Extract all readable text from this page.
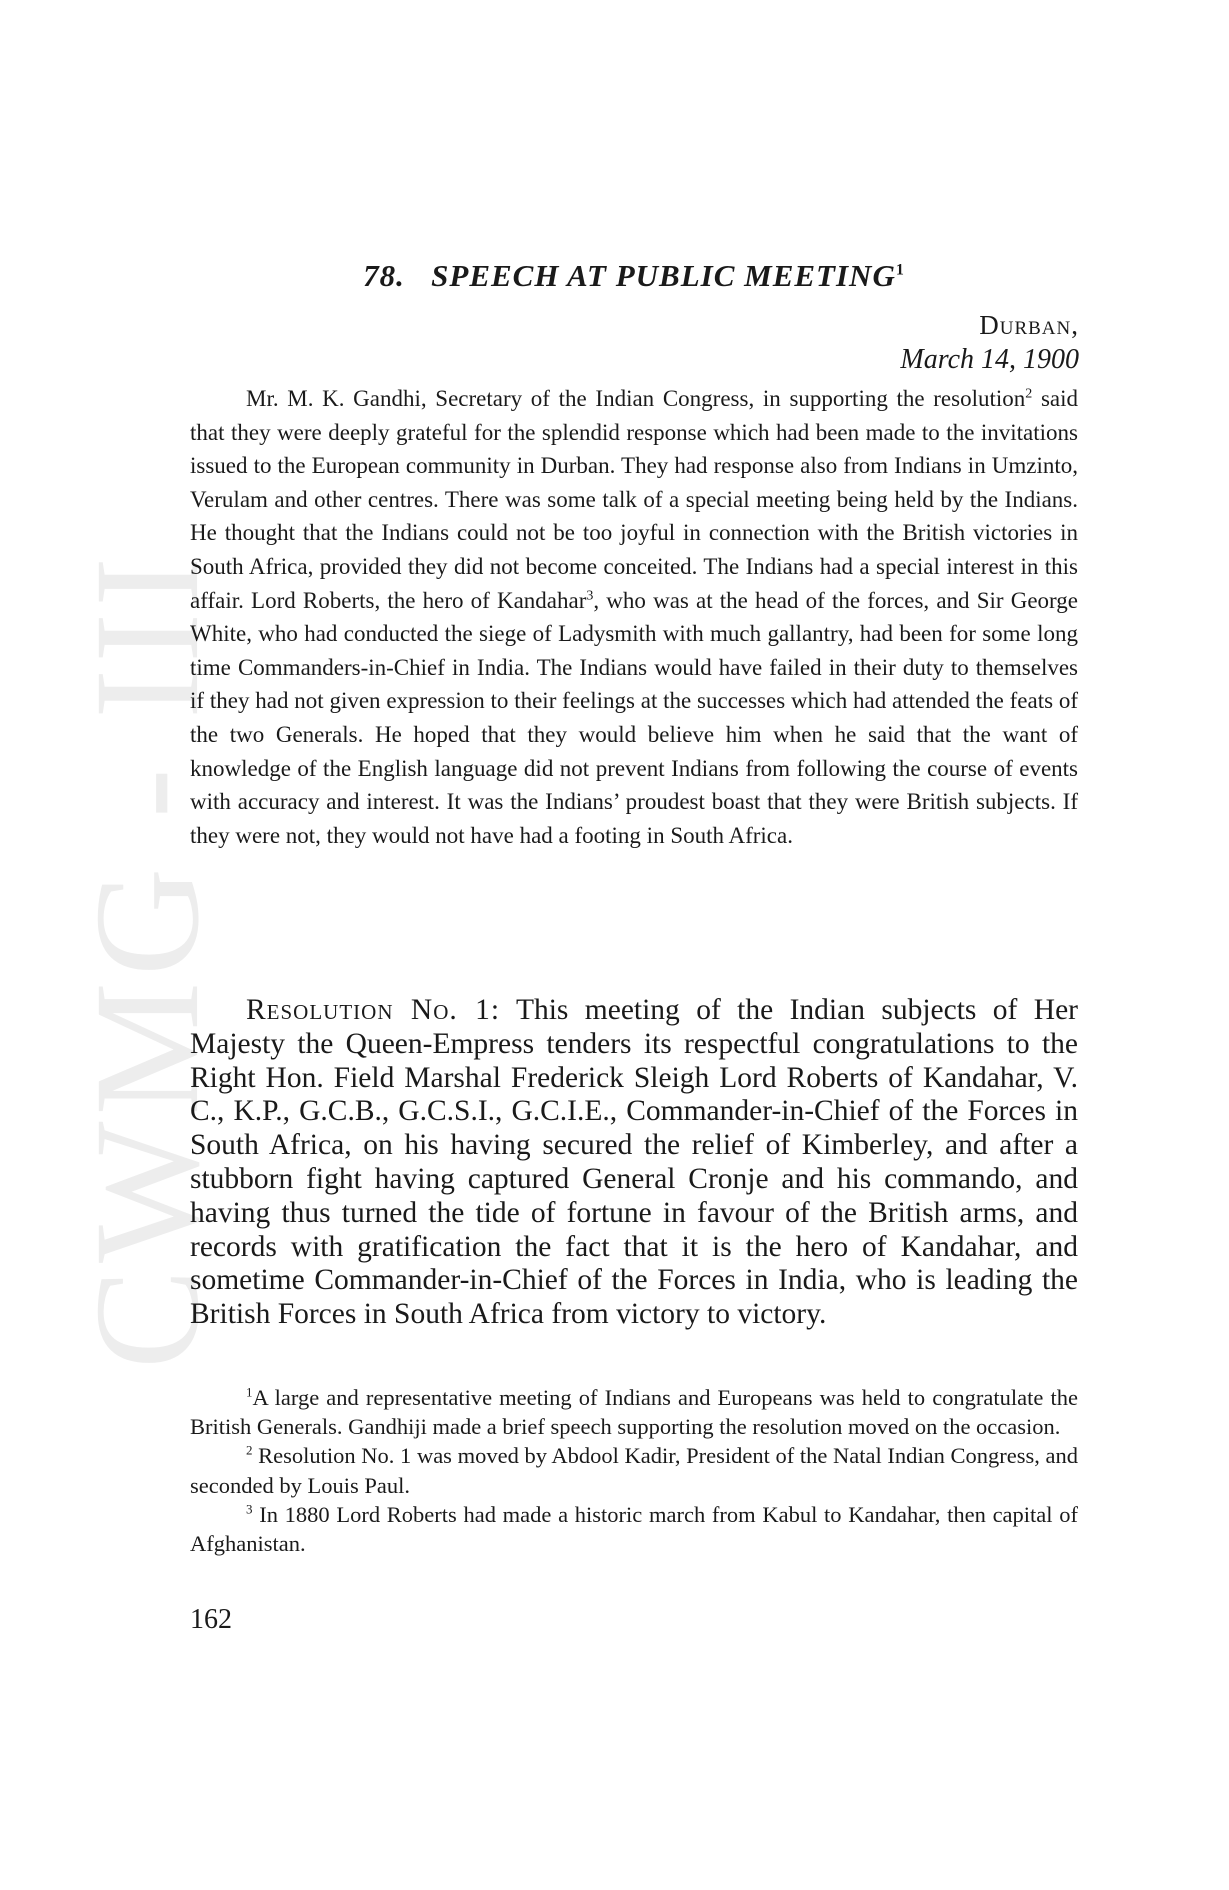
CWMG - III
78. SPEECH AT PUBLIC MEETING$^1$
Durban,
March 14, 1900

Mr. M. K. Gandhi, Secretary of the Indian Congress, in supporting the resolution$^2$ said that they were deeply grateful for the splendid response which had been made to the invitations issued to the European community in Durban. They had response also from Indians in Umzinto, Verulam and other centres. There was some talk of a special meeting being held by the Indians. He thought that the Indians could not be too joyful in connection with the British victories in South Africa, provided they did not become conceited. The Indians had a special interest in this affair. Lord Roberts, the hero of Kandahar$^3$, who was at the head of the forces, and Sir George White, who had conducted the siege of Ladysmith with much gallantry, had been for some long time Commanders-in-Chief in India. The Indians would have failed in their duty to themselves if they had not given expression to their feelings at the successes which had attended the feats of the two Generals. He hoped that they would believe him when he said that the want of knowledge of the English language did not prevent Indians from following the course of events with accuracy and interest. It was the Indians’ proudest boast that they were British subjects. If they were not, they would not have had a footing in South Africa.

Resolution No. 1: This meeting of the Indian subjects of Her Majesty the Queen-Empress tenders its respectful congratulations to the Right Hon. Field Marshal Frederick Sleigh Lord Roberts of Kandahar, V. C., K.P., G.C.B., G.C.S.I., G.C.I.E., Commander-in-Chief of the Forces in South Africa, on his having secured the relief of Kimberley, and after a stubborn fight having captured General Cronje and his commando, and having thus turned the tide of fortune in favour of the British arms, and records with gratification the fact that it is the hero of Kandahar, and sometime Commander-in-Chief of the Forces in India, who is leading the British Forces in South Africa from victory to victory.

$^1$A large and representative meeting of Indians and Europeans was held to congratulate the British Generals. Gandhiji made a brief speech supporting the resolution moved on the occasion.

$^2$ Resolution No. 1 was moved by Abdool Kadir, President of the Natal Indian Congress, and seconded by Louis Paul.

$^3$ In 1880 Lord Roberts had made a historic march from Kabul to Kandahar, then capital of Afghanistan.

162
